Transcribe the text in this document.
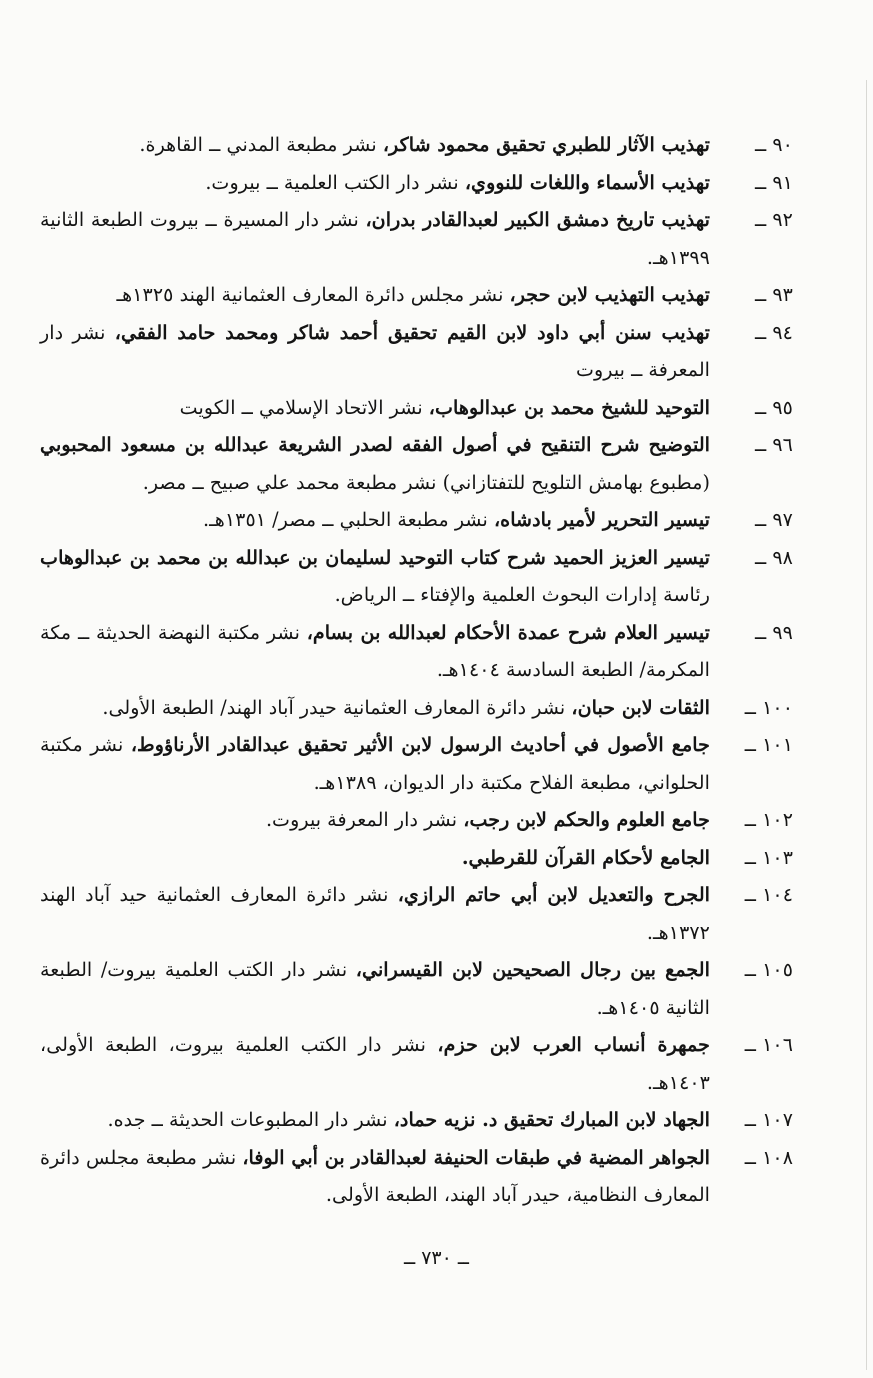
٩٠ ــ
تهذيب الآثار للطبري تحقيق محمود شاكر، نشر مطبعة المدني ــ القاهرة.
٩١ ــ
تهذيب الأسماء واللغات للنووي، نشر دار الكتب العلمية ــ بيروت.
٩٢ ــ
تهذيب تاريخ دمشق الكبير لعبدالقادر بدران، نشر دار المسيرة ــ بيروت الطبعة الثانية ١٣٩٩هـ.
٩٣ ــ
تهذيب التهذيب لابن حجر، نشر مجلس دائرة المعارف العثمانية الهند ١٣٢٥هـ
٩٤ ــ
تهذيب سنن أبي داود لابن القيم تحقيق أحمد شاكر ومحمد حامد الفقي، نشر دار المعرفة ــ بيروت
٩٥ ــ
التوحيد للشيخ محمد بن عبدالوهاب، نشر الاتحاد الإسلامي ــ الكويت
٩٦ ــ
التوضيح شرح التنقيح في أصول الفقه لصدر الشريعة عبدالله بن مسعود المحبوبي (مطبوع بهامش التلويح للتفتازاني) نشر مطبعة محمد علي صبيح ــ مصر.
٩٧ ــ
تيسير التحرير لأمير بادشاه، نشر مطبعة الحلبي ــ مصر/ ١٣٥١هـ.
٩٨ ــ
تيسير العزيز الحميد شرح كتاب التوحيد لسليمان بن عبدالله بن محمد بن عبدالوهاب رئاسة إدارات البحوث العلمية والإفتاء ــ الرياض.
٩٩ ــ
تيسير العلام شرح عمدة الأحكام لعبدالله بن بسام، نشر مكتبة النهضة الحديثة ــ مكة المكرمة/ الطبعة السادسة ١٤٠٤هـ.
١٠٠ ــ
الثقات لابن حبان، نشر دائرة المعارف العثمانية حيدر آباد الهند/ الطبعة الأولى.
١٠١ ــ
جامع الأصول في أحاديث الرسول لابن الأثير تحقيق عبدالقادر الأرناؤوط، نشر مكتبة الحلواني، مطبعة الفلاح مكتبة دار الديوان، ١٣٨٩هـ.
١٠٢ ــ
جامع العلوم والحكم لابن رجب، نشر دار المعرفة بيروت.
١٠٣ ــ
الجامع لأحكام القرآن للقرطبي.
١٠٤ ــ
الجرح والتعديل لابن أبي حاتم الرازي، نشر دائرة المعارف العثمانية حيد آباد الهند ١٣٧٢هـ.
١٠٥ ــ
الجمع بين رجال الصحيحين لابن القيسراني، نشر دار الكتب العلمية بيروت/ الطبعة الثانية ١٤٠٥هـ.
١٠٦ ــ
جمهرة أنساب العرب لابن حزم، نشر دار الكتب العلمية بيروت، الطبعة الأولى، ١٤٠٣هـ.
١٠٧ ــ
الجهاد لابن المبارك تحقيق د. نزيه حماد، نشر دار المطبوعات الحديثة ــ جده.
١٠٨ ــ
الجواهر المضية في طبقات الحنيفة لعبدالقادر بن أبي الوفا، نشر مطبعة مجلس دائرة المعارف النظامية، حيدر آباد الهند، الطبعة الأولى.
ــ ٧٣٠ ــ
